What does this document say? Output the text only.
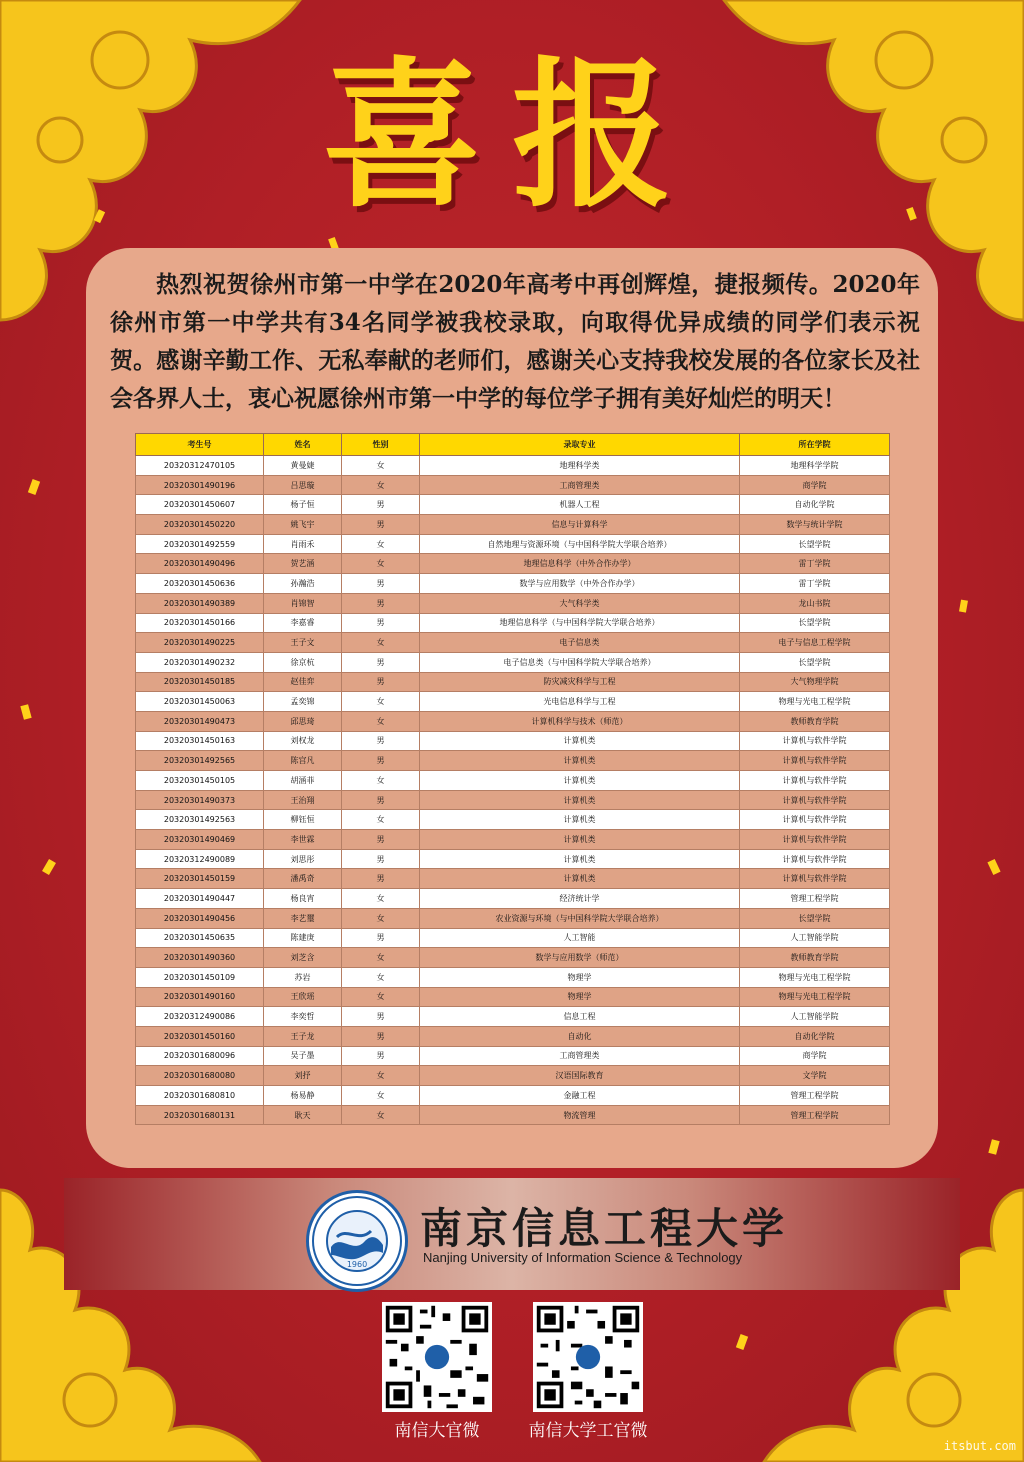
喜报
热烈祝贺徐州市第一中学在2020年高考中再创辉煌，捷报频传。2020年徐州市第一中学共有34名同学被我校录取，向取得优异成绩的同学们表示祝贺。感谢辛勤工作、无私奉献的老师们，感谢关心支持我校发展的各位家长及社会各界人士，衷心祝愿徐州市第一中学的每位学子拥有美好灿烂的明天！
考生号	姓名	性别	录取专业	所在学院
20320312470105	黄曼婕	女	地理科学类	地理科学学院
20320301490196	吕思璇	女	工商管理类	商学院
20320301450607	杨子恒	男	机器人工程	自动化学院
20320301450220	姚飞宇	男	信息与计算科学	数学与统计学院
20320301492559	肖雨禾	女	自然地理与资源环境（与中国科学院大学联合培养）	长望学院
20320301490496	贺艺涵	女	地理信息科学（中外合作办学）	雷丁学院
20320301450636	孙瀚浩	男	数学与应用数学（中外合作办学）	雷丁学院
20320301490389	肖锦智	男	大气科学类	龙山书院
20320301450166	李嘉睿	男	地理信息科学（与中国科学院大学联合培养）	长望学院
20320301490225	王子文	女	电子信息类	电子与信息工程学院
20320301490232	徐京杭	男	电子信息类（与中国科学院大学联合培养）	长望学院
20320301450185	赵佳弈	男	防灾减灾科学与工程	大气物理学院
20320301450063	孟奕锦	女	光电信息科学与工程	物理与光电工程学院
20320301490473	邱思琦	女	计算机科学与技术（师范）	教师教育学院
20320301450163	刘权龙	男	计算机类	计算机与软件学院
20320301492565	陈宫凡	男	计算机类	计算机与软件学院
20320301450105	胡涵菲	女	计算机类	计算机与软件学院
20320301490373	王治翔	男	计算机类	计算机与软件学院
20320301492563	柳钰恒	女	计算机类	计算机与软件学院
20320301490469	李世霖	男	计算机类	计算机与软件学院
20320312490089	刘思彤	男	计算机类	计算机与软件学院
20320301450159	潘禹奇	男	计算机类	计算机与软件学院
20320301490447	杨良宵	女	经济统计学	管理工程学院
20320301490456	李艺璽	女	农业资源与环境（与中国科学院大学联合培养）	长望学院
20320301450635	陈建庚	男	人工智能	人工智能学院
20320301490360	刘芝含	女	数学与应用数学（师范）	教师教育学院
20320301450109	苏岩	女	物理学	物理与光电工程学院
20320301490160	王欣瑶	女	物理学	物理与光电工程学院
20320312490086	李奕哲	男	信息工程	人工智能学院
20320301450160	王子龙	男	自动化	自动化学院
20320301680096	吴子墨	男	工商管理类	商学院
20320301680080	刘抒	女	汉语国际教育	文学院
20320301680810	杨易静	女	金融工程	管理工程学院
20320301680131	耿天	女	物流管理	管理工程学院
1960
南京信息工程大学
Nanjing University of Information Science & Technology
南信大官微	南信大学工官微
itsbut.com
